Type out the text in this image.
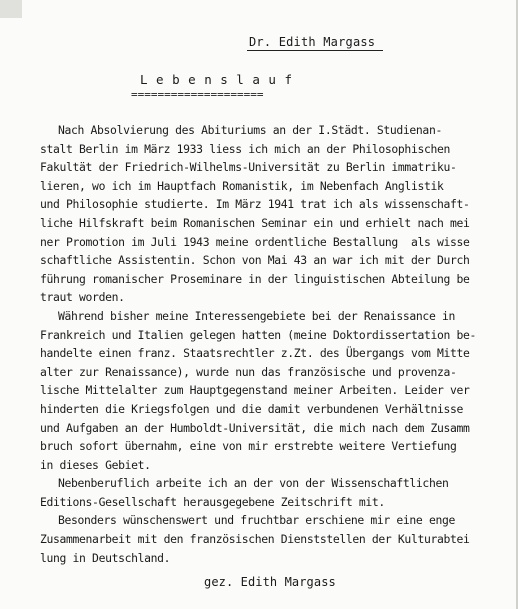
Dr. Edith Margass
L e b e n s l a u f
====================
Nach Absolvierung des Abituriums an der I.Städt. Studienan-
stalt Berlin im März 1933 liess ich mich an der Philosophischen
Fakultät der Friedrich-Wilhelms-Universität zu Berlin immatriku-
lieren, wo ich im Hauptfach Romanistik, im Nebenfach Anglistik
und Philosophie studierte. Im März 1941 trat ich als wissenschaft-
liche Hilfskraft beim Romanischen Seminar ein und erhielt nach mei
ner Promotion im Juli 1943 meine ordentliche Bestallung  als wisse
schaftliche Assistentin. Schon von Mai 43 an war ich mit der Durch
führung romanischer Proseminare in der linguistischen Abteilung be
traut worden.
Während bisher meine Interessengebiete bei der Renaissance in
Frankreich und Italien gelegen hatten (meine Doktordissertation be-
handelte einen franz. Staatsrechtler z.Zt. des Übergangs vom Mitte
alter zur Renaissance), wurde nun das französische und provenza-
lische Mittelalter zum Hauptgegenstand meiner Arbeiten. Leider ver
hinderten die Kriegsfolgen und die damit verbundenen Verhältnisse
und Aufgaben an der Humboldt-Universität, die mich nach dem Zusamm
bruch sofort übernahm, eine von mir erstrebte weitere Vertiefung
in dieses Gebiet.
Nebenberuflich arbeite ich an der von der Wissenschaftlichen
Editions-Gesellschaft herausgegebene Zeitschrift mit.
Besonders wünschenswert und fruchtbar erschiene mir eine enge
Zusammenarbeit mit den französischen Dienststellen der Kulturabtei
lung in Deutschland.
gez. Edith Margass
